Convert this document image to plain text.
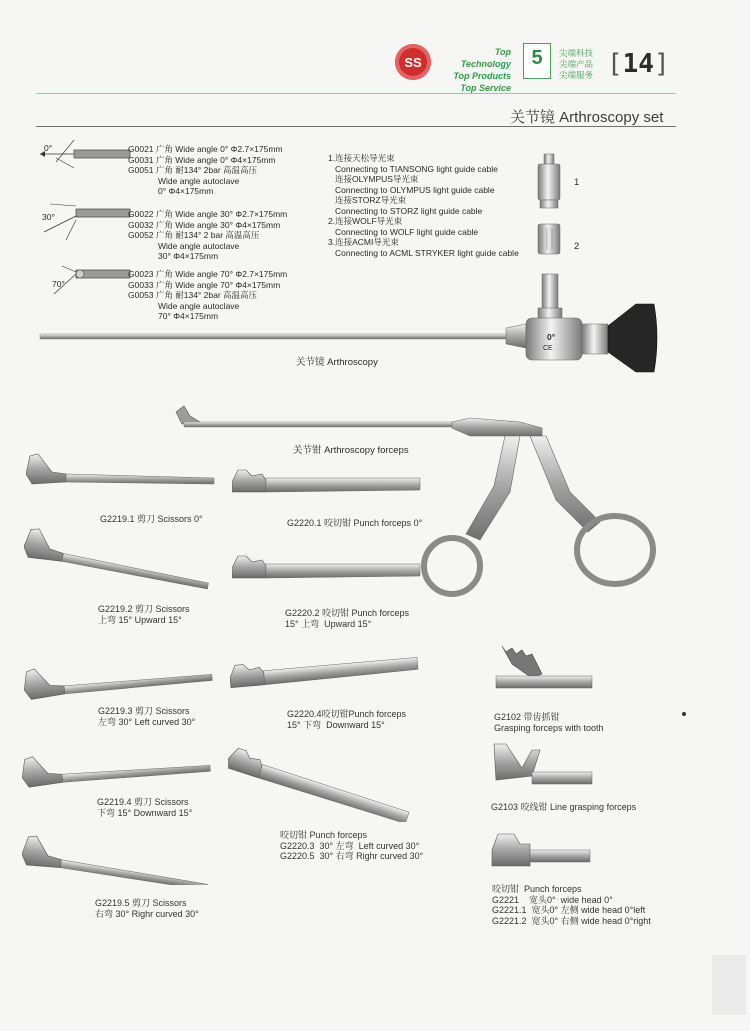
SS
Top Technology
Top Products
Top Service
5	尖端科技
尖端产品
尖端服务 [14]
关节镜 Arthroscopy set
0°
30°
70°
G0021 广角 Wide angle 0° Φ2.7×175mm
G0031 广角 Wide angle 0° Φ4×175mm
G0051 广角 耐134° 2bar 高温高压
Wide angle autoclave
0° Φ4×175mm
G0022 广角 Wide angle 30° Φ2.7×175mm
G0032 广角 Wide angle 30° Φ4×175mm
G0052 广角 耐134° 2 bar 高温高压
Wide angle autoclave
30° Φ4×175mm
G0023 广角 Wide angle 70° Φ2.7×175mm
G0033 广角 Wide angle 70° Φ4×175mm
G0053 广角 耐134° 2bar 高温高压
Wide angle autoclave
70° Φ4×175mm
1.连接天松导光束
Connecting to TIANSONG light guide cable
连接OLYMPUS导光束
Connecting to OLYMPUS light guide cable
连接STORZ导光束
Connecting to STORZ light guide cable
2.连接WOLF导光束
Connecting to WOLF light guide cable
3.连接ACMI导光束
Connecting to ACML STRYKER light guide cable
1
2
0°
CE
关节镜 Arthroscopy
关节钳 Arthroscopy forceps
G2219.1 剪刀 Scissors 0°
G2219.2 剪刀 Scissors
上弯 15° Upward 15°
G2219.3 剪刀 Scissors
左弯 30° Left curved 30°
G2219.4 剪刀 Scissors
下弯 15° Downward 15°
G2219.5 剪刀 Scissors
右弯 30° Righr curved 30°
G2220.1 咬切钳 Punch forceps 0°
G2220.2 咬切钳 Punch forceps
15° 上弯  Upward 15°
G2220.4咬切钳Punch forceps
15° 下弯  Downward 15°
咬切钳 Punch forceps
G2220.3  30° 左弯  Left curved 30°
G2220.5  30° 右弯 Righr curved 30°
G2102 带齿抓钳
Grasping forceps with tooth
G2103 咬线钳 Line grasping forceps
咬切钳  Punch forceps
G2221    宽头0°  wide head 0°
G2221.1  宽头0° 左侧 wide head 0°left
G2221.2  宽头0° 右侧 wide head 0°right
